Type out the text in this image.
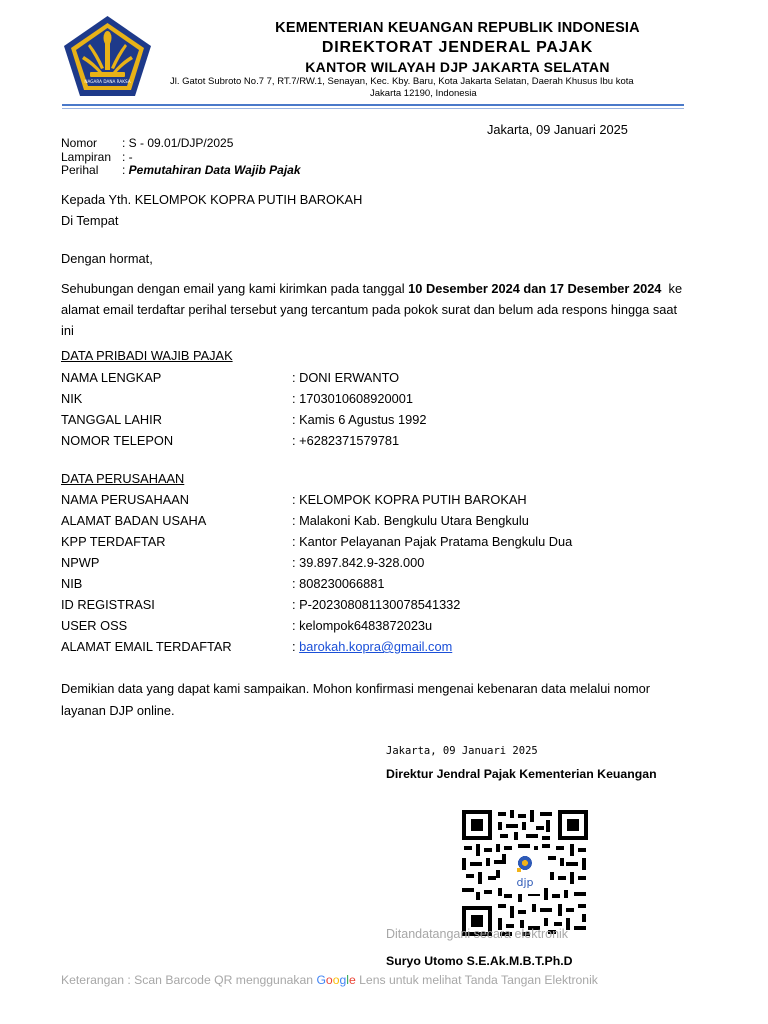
NAGARA DANA RAKSA
KEMENTERIAN KEUANGAN REPUBLIK INDONESIA
DIREKTORAT JENDERAL PAJAK
KANTOR WILAYAH DJP JAKARTA SELATAN
Jl. Gatot Subroto No.7 7, RT.7/RW.1, Senayan, Kec. Kby. Baru, Kota Jakarta Selatan, Daerah Khusus Ibu kota
Jakarta 12190, Indonesia
Jakarta, 09 Januari 2025
Nomor	: S - 09.01/DJP/2025
Lampiran : -
Perihal	: Pemutahiran Data Wajib Pajak
Kepada Yth. KELOMPOK KOPRA PUTIH BAROKAH
Di Tempat
Dengan hormat,
Sehubungan dengan email yang kami kirimkan pada tanggal 10 Desember 2024 dan 17 Desember 2024  ke
alamat email terdaftar perihal tersebut yang tercantum pada pokok surat dan belum ada respons hingga saat
ini
DATA PRIBADI WAJIB PAJAK
NAMA LENGKAP	: DONI ERWANTO
NIK	: 1703010608920001
TANGGAL LAHIR	: Kamis 6 Agustus 1992
NOMOR TELEPON	: +6282371579781
DATA PERUSAHAAN
NAMA PERUSAHAAN	: KELOMPOK KOPRA PUTIH BAROKAH
ALAMAT BADAN USAHA	: Malakoni Kab. Bengkulu Utara Bengkulu
KPP TERDAFTAR	: Kantor Pelayanan Pajak Pratama Bengkulu Dua
NPWP	: 39.897.842.9-328.000
NIB	: 808230066881
ID REGISTRASI	: P-202308081130078541332
USER OSS	: kelompok6483872023u
ALAMAT EMAIL TERDAFTAR	: barokah.kopra@gmail.com
Demikian data yang dapat kami sampaikan. Mohon konfirmasi mengenai kebenaran data melalui nomor
layanan DJP online.
Jakarta, 09 Januari 2025
Direktur Jendral Pajak Kementerian Keuangan
djp
Ditandatangani secara elektronik
Suryo Utomo S.E.Ak.M.B.T.Ph.D
Keterangan : Scan Barcode QR menggunakan Google Lens untuk melihat Tanda Tangan Elektronik
